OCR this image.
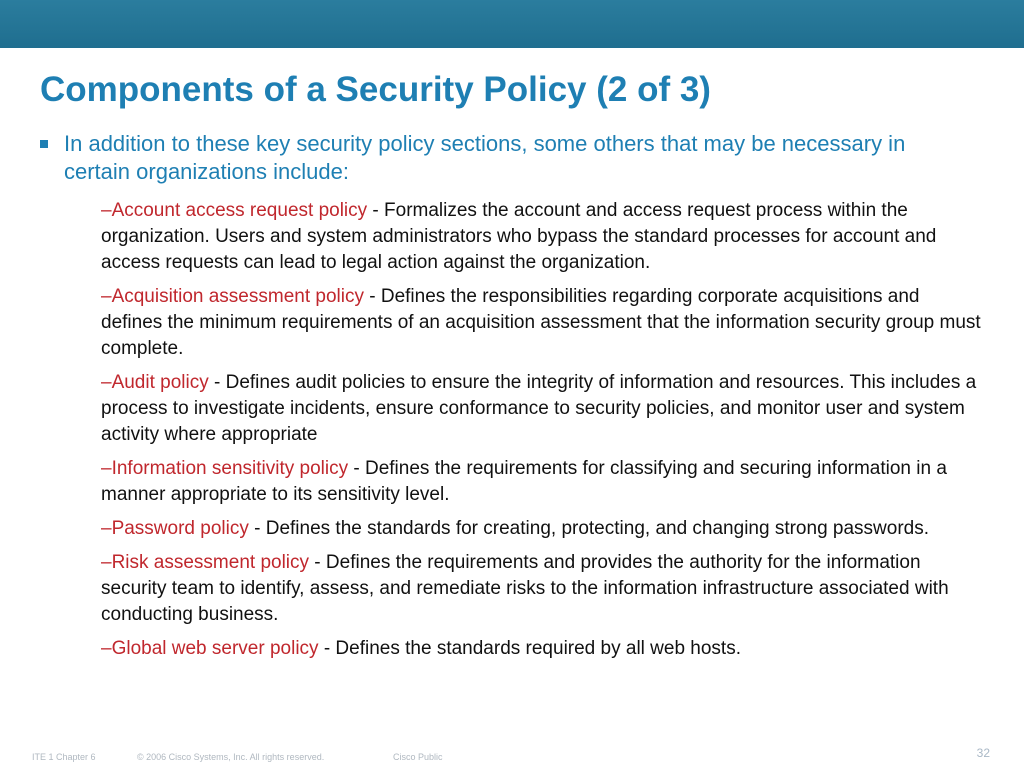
Components of a Security Policy (2 of 3)
In addition to these key security policy sections, some others that may be necessary in certain organizations include:
–Account access request policy - Formalizes the account and access request process within the organization. Users and system administrators who bypass the standard processes for account and access requests can lead to legal action against the organization.
–Acquisition assessment policy - Defines the responsibilities regarding corporate acquisitions and defines the minimum requirements of an acquisition assessment that the information security group must complete.
–Audit policy - Defines audit policies to ensure the integrity of information and resources. This includes a process to investigate incidents, ensure conformance to security policies, and monitor user and system activity where appropriate
–Information sensitivity policy - Defines the requirements for classifying and securing information in a manner appropriate to its sensitivity level.
–Password policy - Defines the standards for creating, protecting, and changing strong passwords.
–Risk assessment policy - Defines the requirements and provides the authority for the information security team to identify, assess, and remediate risks to the information infrastructure associated with conducting business.
–Global web server policy - Defines the standards required by all web hosts.
ITE 1 Chapter 6	© 2006 Cisco Systems, Inc. All rights reserved.	Cisco Public	32
